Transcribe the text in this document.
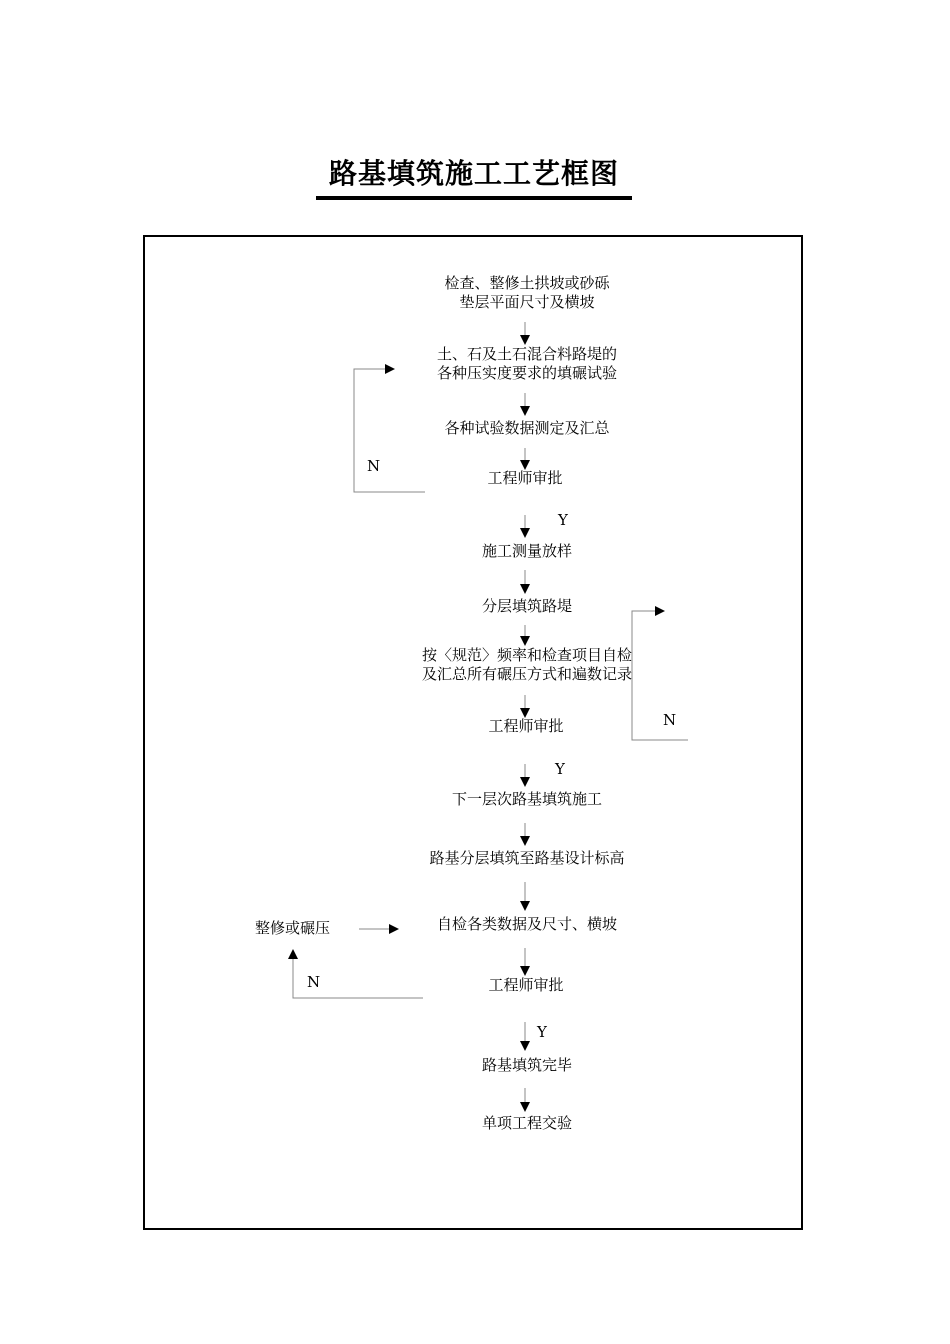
路基填筑施工工艺框图
检查、整修土拱坡或砂砾
垫层平面尺寸及横坡
土、石及土石混合料路堤的
各种压实度要求的填碾试验
各种试验数据测定及汇总
工程师审批
施工测量放样
分层填筑路堤
按〈规范〉频率和检查项目自检
及汇总所有碾压方式和遍数记录
工程师审批
下一层次路基填筑施工
路基分层填筑至路基设计标高
自检各类数据及尺寸、横坡
工程师审批
路基填筑完毕
单项工程交验
整修或碾压
N
Y
N
Y
N
Y
